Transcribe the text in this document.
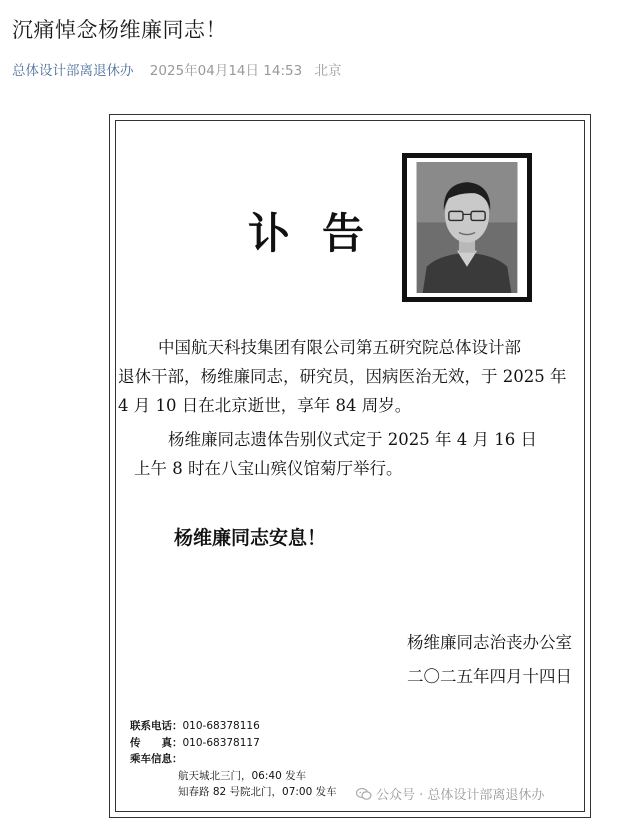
沉痛悼念杨维廉同志！
总体设计部离退休办 2025年04月14日 14:53 北京
讣告
中国航天科技集团有限公司第五研究院总体设计部
退休干部，杨维廉同志，研究员，因病医治无效，于 2025 年
4 月 10 日在北京逝世，享年 84 周岁。
杨维廉同志遗体告别仪式定于 2025 年 4 月 16 日
上午 8 时在八宝山殡仪馆菊厅举行。
杨维廉同志安息！
杨维廉同志治丧办公室
二〇二五年四月十四日
联系电话：010-68378116
传　　真：010-68378117
乘车信息：
航天城北三门，06:40 发车
知春路 82 号院北门，07:00 发车	公众号 · 总体设计部离退休办
